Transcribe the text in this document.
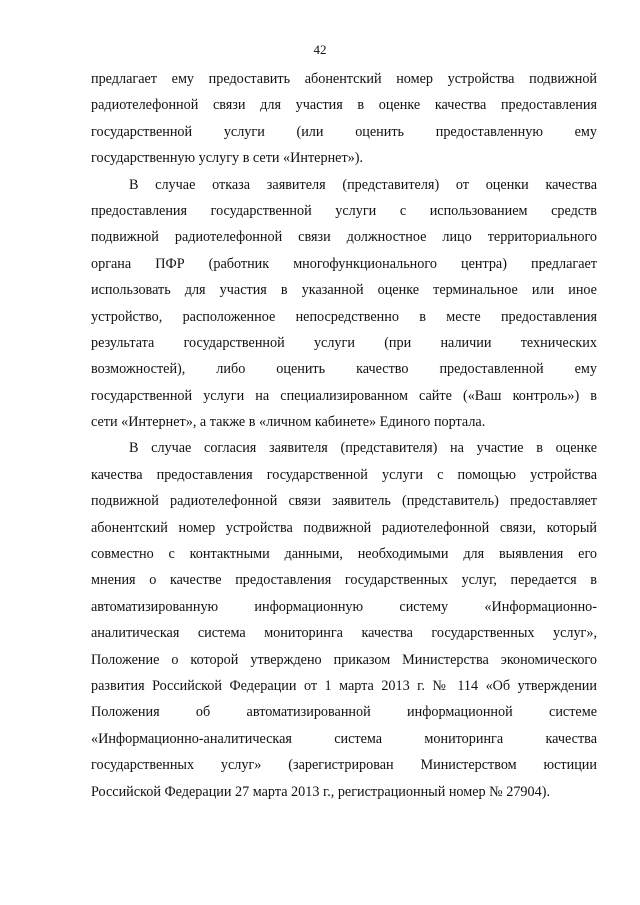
42
предлагает ему предоставить абонентский номер устройства подвижной
радиотелефонной связи для участия в оценке качества предоставления
государственной услуги (или оценить предоставленную ему
государственную услугу в сети «Интернет»).
В случае отказа заявителя (представителя) от оценки качества
предоставления государственной услуги с использованием средств
подвижной радиотелефонной связи должностное лицо территориального
органа ПФР (работник многофункционального центра) предлагает
использовать для участия в указанной оценке терминальное или иное
устройство, расположенное непосредственно в месте предоставления
результата государственной услуги (при наличии технических
возможностей), либо оценить качество предоставленной ему
государственной услуги на специализированном сайте («Ваш контроль») в
сети «Интернет», а также в «личном кабинете» Единого портала.
В случае согласия заявителя (представителя) на участие в оценке
качества предоставления государственной услуги с помощью устройства
подвижной радиотелефонной связи заявитель (представитель) предоставляет
абонентский номер устройства подвижной радиотелефонной связи, который
совместно с контактными данными, необходимыми для выявления его
мнения о качестве предоставления государственных услуг, передается в
автоматизированную информационную систему «Информационно-
аналитическая система мониторинга качества государственных услуг»,
Положение о которой утверждено приказом Министерства экономического
развития Российской Федерации от 1 марта 2013 г. № 114 «Об утверждении
Положения об автоматизированной информационной системе
«Информационно-аналитическая система мониторинга качества
государственных услуг» (зарегистрирован Министерством юстиции
Российской Федерации 27 марта 2013 г., регистрационный номер № 27904).
